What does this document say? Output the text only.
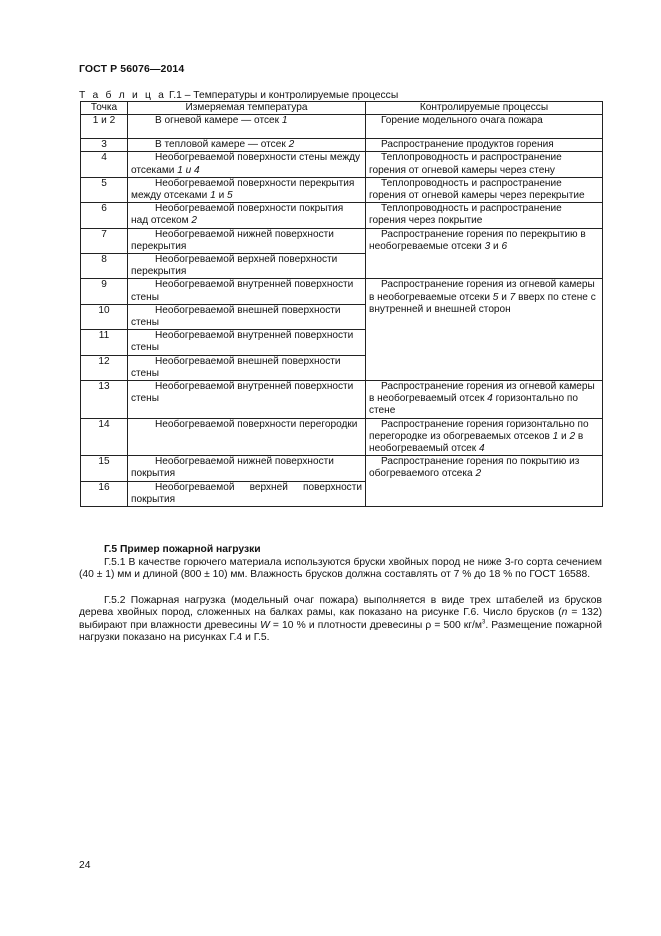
ГОСТ Р 56076—2014
Т а б л и ц а Г.1 – Температуры и контролируемые процессы
Точка	Измеряемая температура	Контролируемые процессы
1 и 2	В огневой камере — отсек 1	Горение модельного очага пожара
3	В тепловой камере — отсек 2	Распространение продуктов горения
4	Необогреваемой поверхности стены между отсеками 1 и 4	Теплопроводность и распространение горения от огневой камеры через стену
5	Необогреваемой поверхности перекрытия между отсеками 1 и 5	Теплопроводность и распространение горения от огневой камеры через перекрытие
6	Необогреваемой поверхности покрытия над отсеком 2	Теплопроводность и распространение горения через покрытие
7	Необогреваемой нижней поверхности перекрытия	Распространение горения по перекрытию в необогреваемые отсеки 3 и 6
8	Необогреваемой верхней поверхности перекрытия	
9	Необогреваемой внутренней поверхности стены	Распространение горения из огневой камеры в необогреваемые отсеки 5 и 7 вверх по стене с внутренней и внешней сторон
10	Необогреваемой внешней поверхности стены	
11	Необогреваемой внутренней поверхности стены	
12	Необогреваемой внешней поверхности стены	
13	Необогреваемой внутренней поверхности стены	Распространение горения из огневой камеры в необогреваемый отсек 4 горизонтально по стене
14	Необогреваемой поверхности перегородки	Распространение горения горизонтально по перегородке из обогреваемых отсеков 1 и 2 в необогреваемый отсек 4
15	Необогреваемой нижней поверхности покрытия	Распространение горения по покрытию из обогреваемого отсека 2
16	Необогреваемой верхней поверхности покрытия	
Г.5 Пример пожарной нагрузки
Г.5.1 В качестве горючего материала используются бруски хвойных пород не ниже 3-го сорта сечением (40 ± 1) мм и длиной (800 ± 10) мм. Влажность брусков должна составлять от 7 % до 18 % по ГОСТ 16588.
Г.5.2 Пожарная нагрузка (модельный очаг пожара) выполняется в виде трех штабелей из брусков дерева хвойных пород, сложенных на балках рамы, как показано на рисунке Г.6. Число брусков (n = 132) выбирают при влажности древесины W = 10 % и плотности древесины ρ = 500 $кг/м^3$. Размещение пожарной нагрузки показано на рисунках Г.4 и Г.5.
24
